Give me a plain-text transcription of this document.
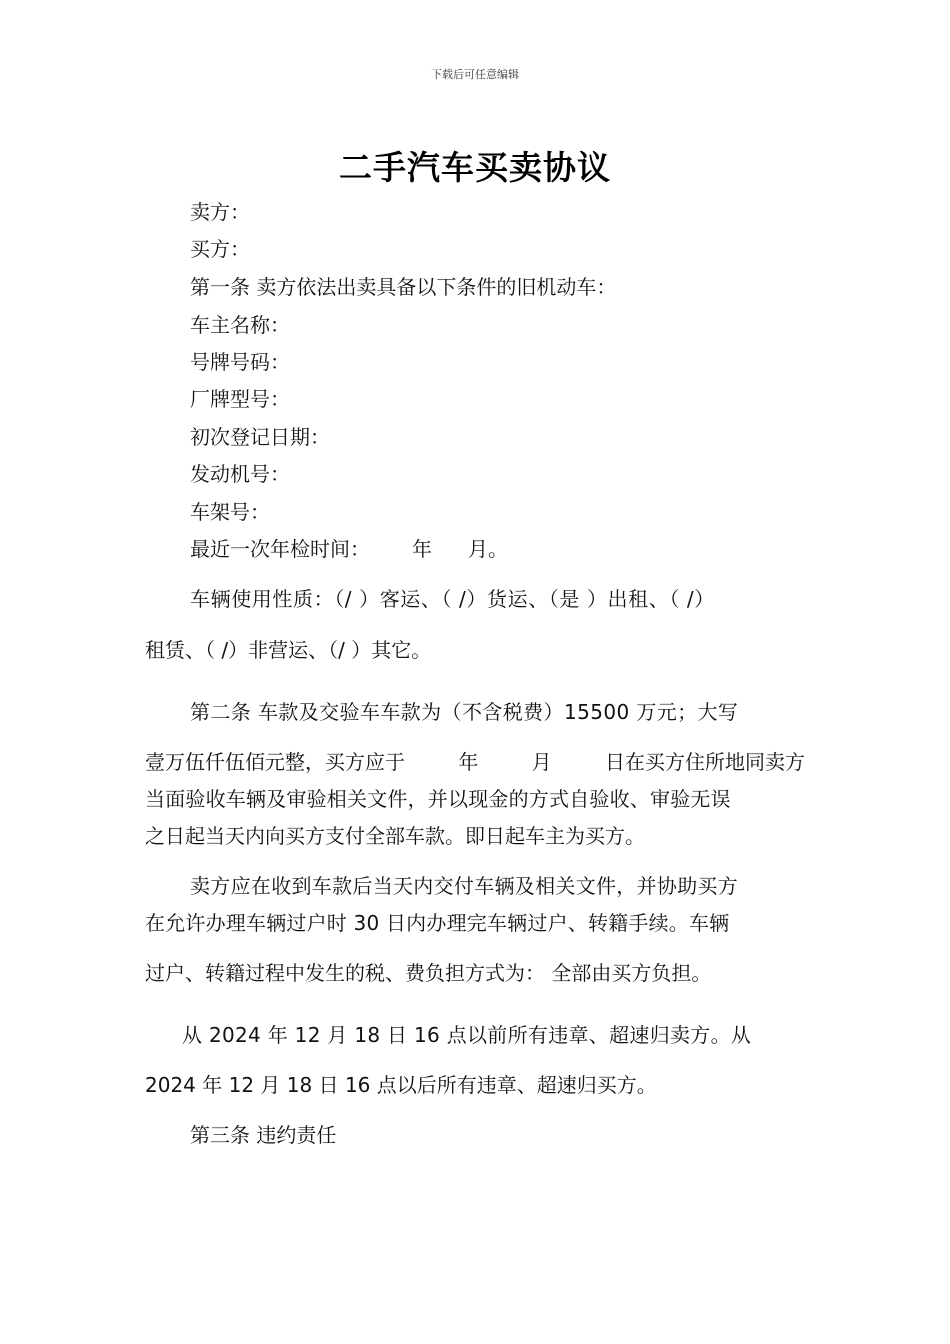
下载后可任意编辑
二手汽车买卖协议
卖方：
买方：
第一条 卖方依法出卖具备以下条件的旧机动车：
车主名称：
号牌号码：
厂牌型号：
初次登记日期：
发动机号：
车架号：
最近一次年检时间： 年 月。
车辆使用性质：（/ ）客运、（ /）货运、（是 ）出租、（ /）
租赁、（ /）非营运、（/ ）其它。
第二条 车款及交验车车款为（不含税费）15500 万元；大写
壹万伍仟伍佰元整，买方应于	年	月	日在买方住所地同卖方
当面验收车辆及审验相关文件，并以现金的方式自验收、审验无误
之日起当天内向买方支付全部车款。即日起车主为买方。
卖方应在收到车款后当天内交付车辆及相关文件，并协助买方
在允许办理车辆过户时 30 日内办理完车辆过户、转籍手续。车辆
过户、转籍过程中发生的税、费负担方式为： 全部由买方负担。
从 2024 年 12 月 18 日 16 点以前所有违章、超速归卖方。从
2024 年 12 月 18 日 16 点以后所有违章、超速归买方。
第三条 违约责任
